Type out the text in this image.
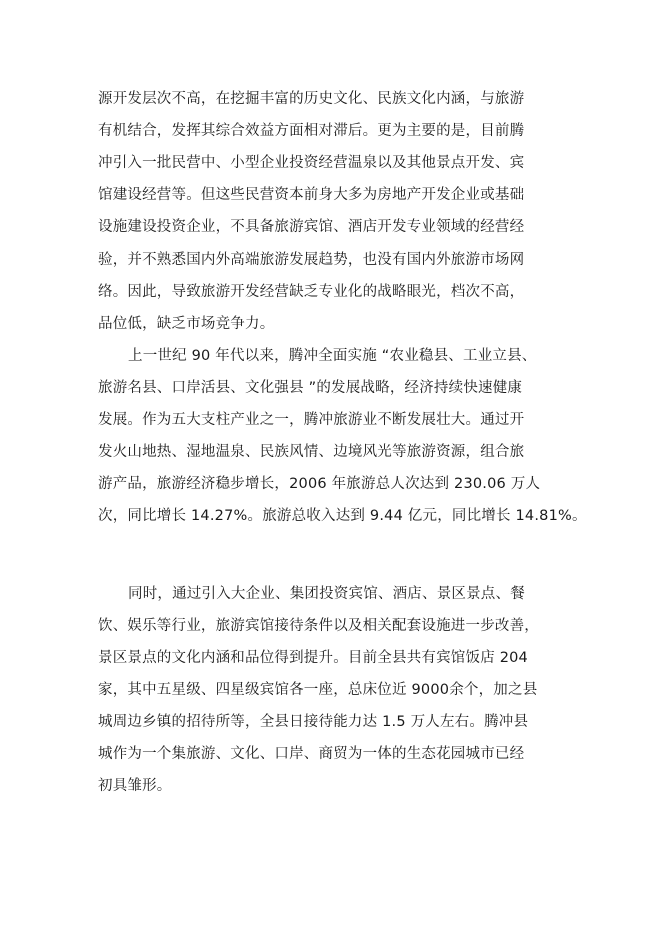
源开发层次不高，在挖掘丰富的历史文化、民族文化内涵，与旅游
有机结合，发挥其综合效益方面相对滞后。更为主要的是，目前腾
冲引入一批民营中、小型企业投资经营温泉以及其他景点开发、宾
馆建设经营等。但这些民营资本前身大多为房地产开发企业或基础
设施建设投资企业，不具备旅游宾馆、酒店开发专业领域的经营经
验，并不熟悉国内外高端旅游发展趋势，也没有国内外旅游市场网
络。因此，导致旅游开发经营缺乏专业化的战略眼光，档次不高，
品位低，缺乏市场竞争力。
上一世纪 90 年代以来，腾冲全面实施 “农业稳县、工业立县、
旅游名县、口岸活县、文化强县 ”的发展战略，经济持续快速健康
发展。作为五大支柱产业之一，腾冲旅游业不断发展壮大。通过开
发火山地热、湿地温泉、民族风情、边境风光等旅游资源，组合旅
游产品，旅游经济稳步增长，2006 年旅游总人次达到 230.06 万人
次，同比增长 14.27%。旅游总收入达到 9.44 亿元，同比增长 14.81%。
同时，通过引入大企业、集团投资宾馆、酒店、景区景点、餐
饮、娱乐等行业，旅游宾馆接待条件以及相关配套设施进一步改善，
景区景点的文化内涵和品位得到提升。目前全县共有宾馆饭店 204
家，其中五星级、四星级宾馆各一座，总床位近 9000余个，加之县
城周边乡镇的招待所等，全县日接待能力达 1.5 万人左右。腾冲县
城作为一个集旅游、文化、口岸、商贸为一体的生态花园城市已经
初具雏形。
